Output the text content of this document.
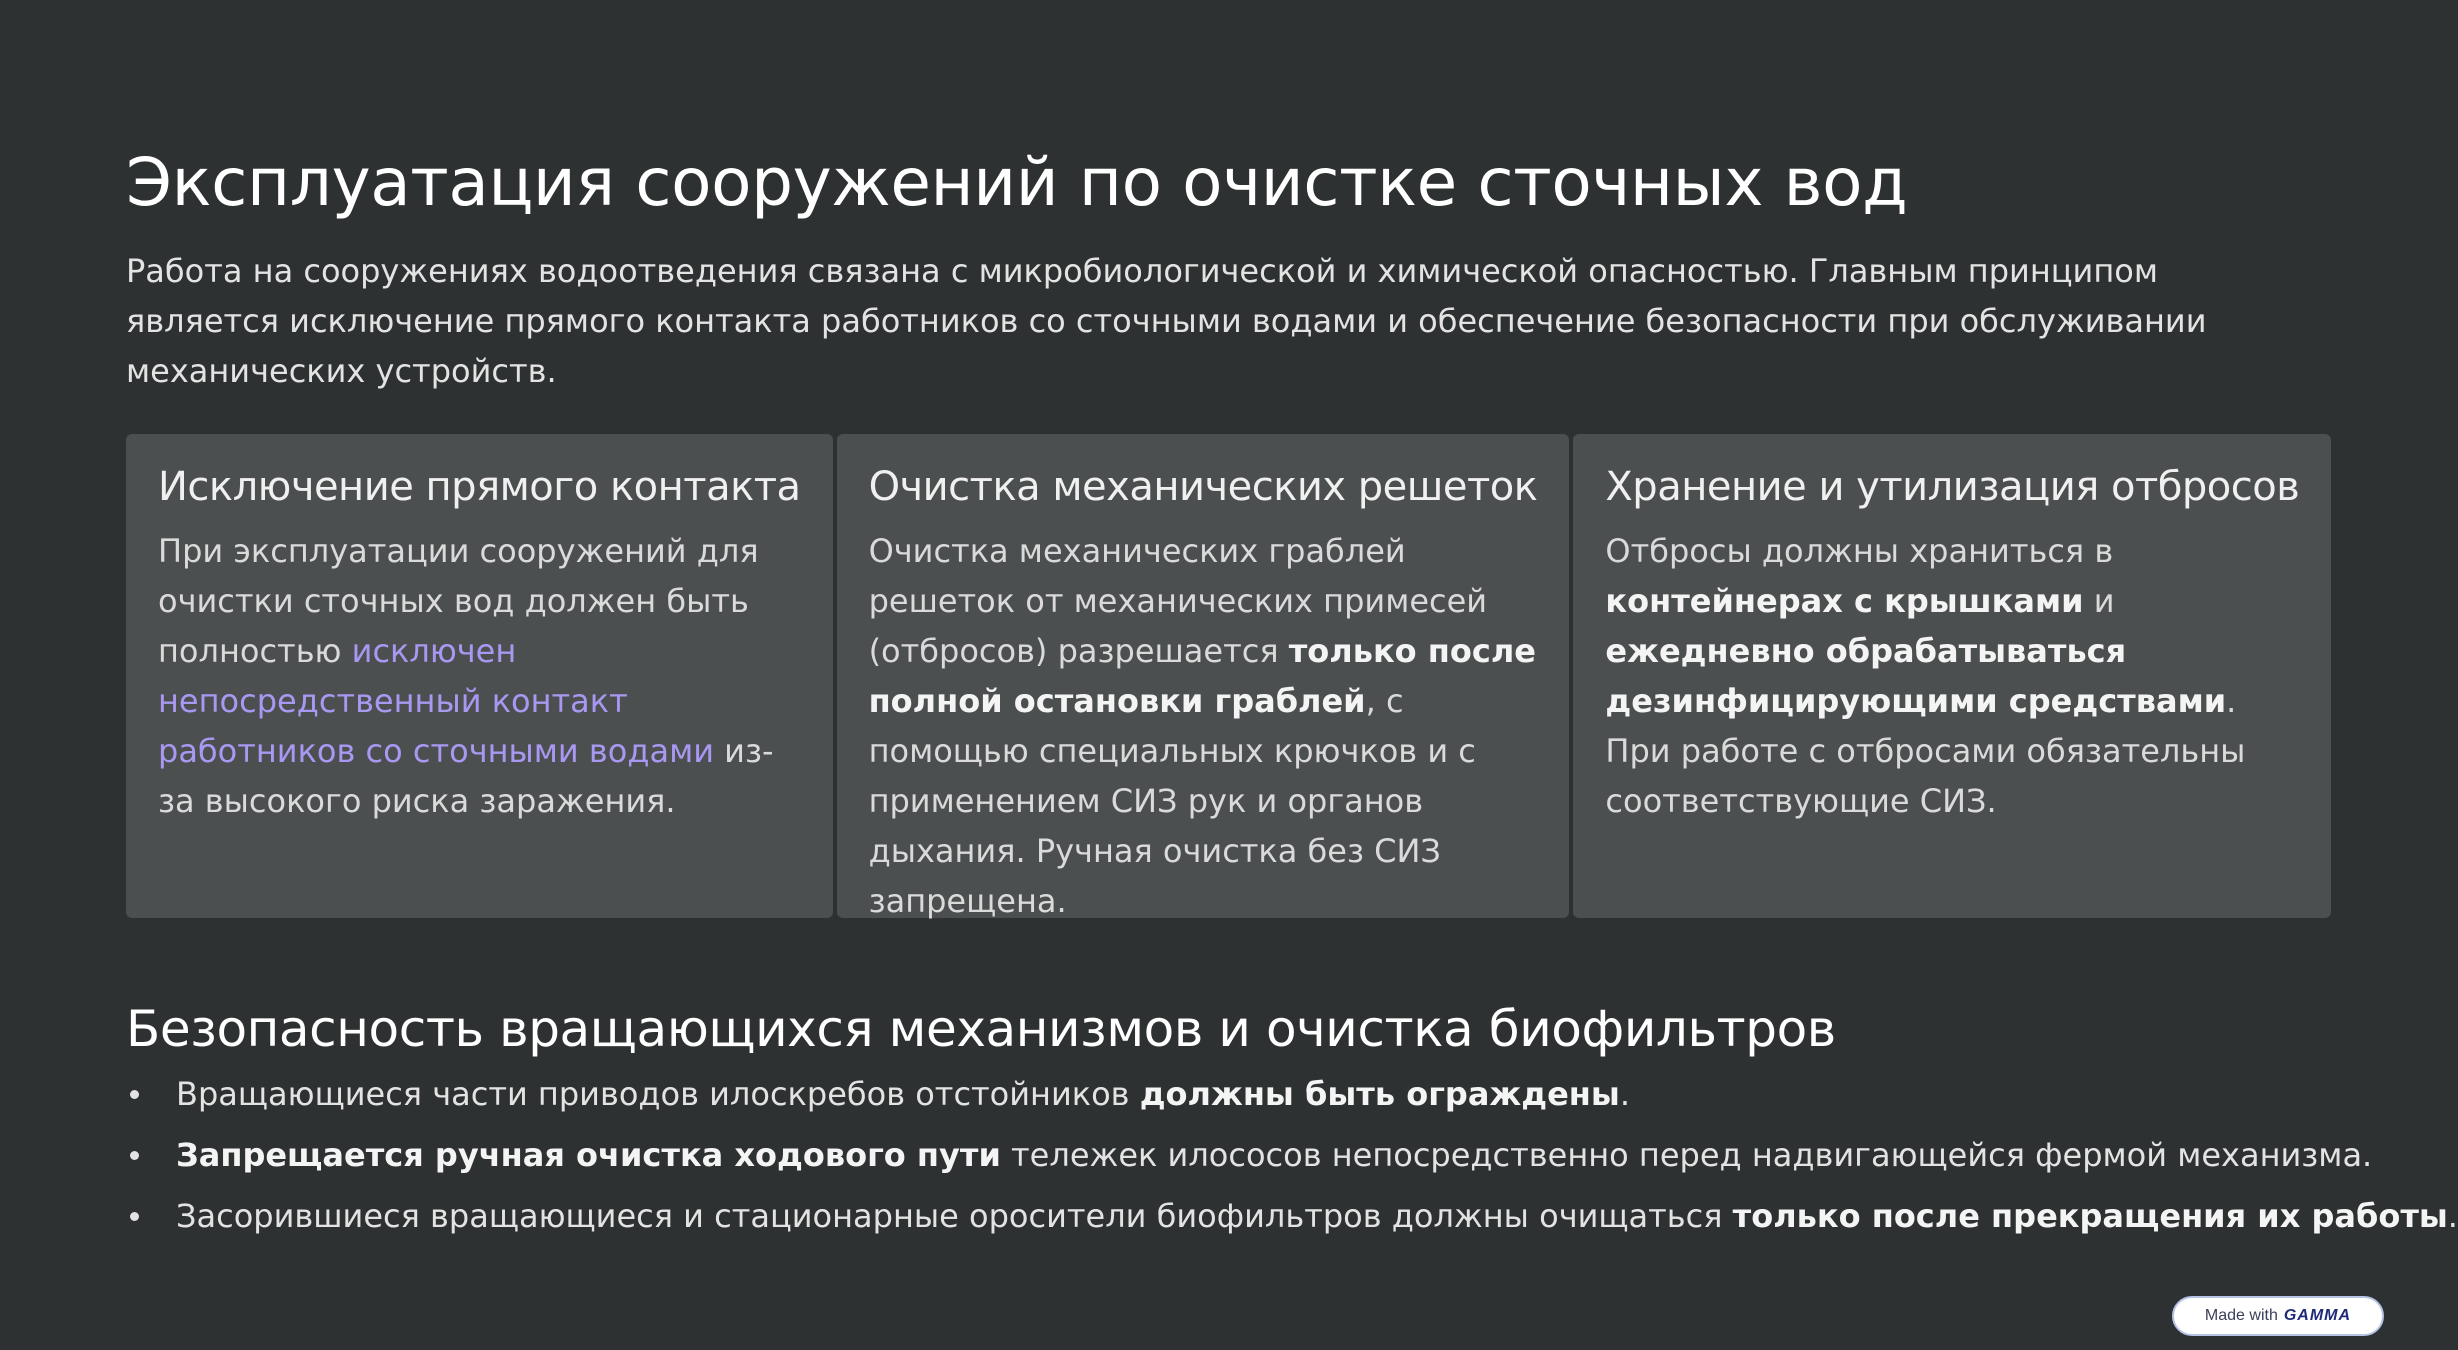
Эксплуатация сооружений по очистке сточных вод
Работа на сооружениях водоотведения связана с микробиологической и химической опасностью. Главным принципом является исключение прямого контакта работников со сточными водами и обеспечение безопасности при обслуживании механических устройств.
Исключение прямого контакта

При эксплуатации сооружений для очистки сточных вод должен быть полностью исключен непосредственный контакт работников со сточными водами из-за высокого риска заражения.

Очистка механических решеток

Очистка механических граблей решеток от механических примесей (отбросов) разрешается только после полной остановки граблей, с помощью специальных крючков и с применением СИЗ рук и органов дыхания. Ручная очистка без СИЗ запрещена.

Хранение и утилизация отбросов

Отбросы должны храниться в контейнерах с крышками и ежедневно обрабатываться дезинфицирующими средствами. При работе с отбросами обязательны соответствующие СИЗ.

Безопасность вращающихся механизмов и очистка биофильтров
Вращающиеся части приводов илоскребов отстойников должны быть ограждены.
Запрещается ручная очистка ходового пути тележек илососов непосредственно перед надвигающейся фермой механизма.
Засорившиеся вращающиеся и стационарные оросители биофильтров должны очищаться только после прекращения их работы.
Made with GAMMA
